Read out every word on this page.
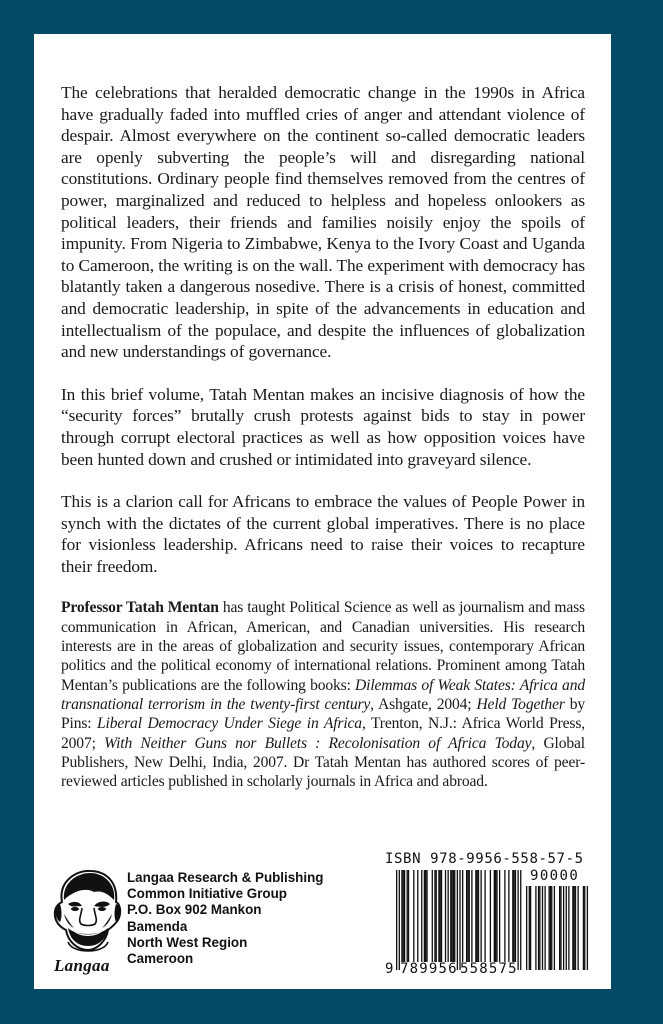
The celebrations that heralded democratic change in the 1990s in Africa have gradually faded into muffled cries of anger and attendant violence of despair. Almost everywhere on the continent so-called democratic leaders are openly subverting the people’s will and disregarding national constitutions. Ordinary people find themselves removed from the centres of power, marginalized and reduced to helpless and hopeless onlookers as political leaders, their friends and families noisily enjoy the spoils of impunity. From Nigeria to Zimbabwe, Kenya to the Ivory Coast and Uganda to Cameroon, the writing is on the wall. The experiment with democracy has blatantly taken a dangerous nosedive. There is a crisis of honest, committed and democratic leadership, in spite of the advancements in education and intellectualism of the populace, and despite the influences of globalization and new understandings of governance.

In this brief volume, Tatah Mentan makes an incisive diagnosis of how the “security forces” brutally crush protests against bids to stay in power through corrupt electoral practices as well as how opposition voices have been hunted down and crushed or intimidated into graveyard silence.

This is a clarion call for Africans to embrace the values of People Power in synch with the dictates of the current global imperatives. There is no place for visionless leadership. Africans need to raise their voices to recapture their freedom.

Professor Tatah Mentan has taught Political Science as well as journalism and mass communication in African, American, and Canadian universities. His research interests are in the areas of globalization and security issues, contemporary African politics and the political economy of international relations. Prominent among Tatah Mentan’s publications are the following books: Dilemmas of Weak States: Africa and transnational terrorism in the twenty-first century, Ashgate, 2004; Held Together by Pins: Liberal Democracy Under Siege in Africa, Trenton, N.J.: Africa World Press, 2007; With Neither Guns nor Bullets : Recolonisation of Africa Today, Global Publishers, New Delhi, India, 2007. Dr Tatah Mentan has authored scores of peer-reviewed articles published in scholarly journals in Africa and abroad.

Langaa
Langaa Research & Publishing
Common Initiative Group
P.O. Box 902 Mankon
Bamenda
North West Region
Cameroon
ISBN 978-9956-558-57-5
90000
9 789956 558575
